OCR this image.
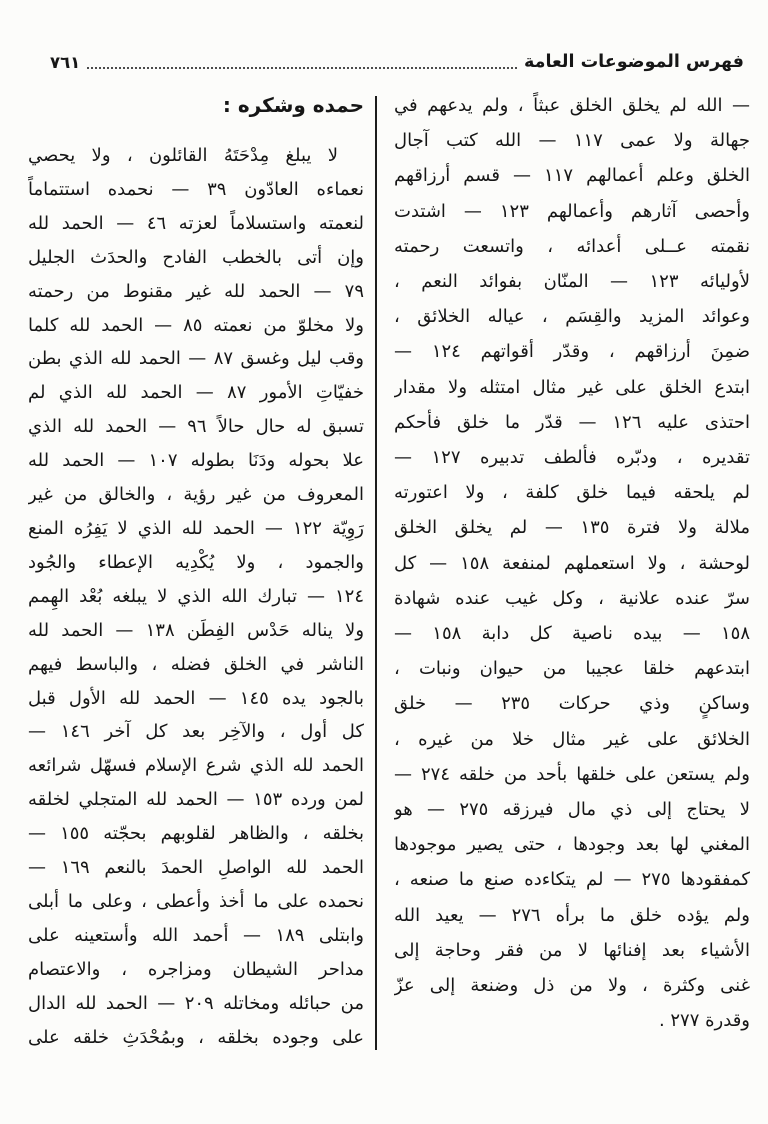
فهرس الموضوعات العامة
٧٦١
— الله لم يخلق الخلق عبثاً ، ولم يدعهم في
جهالة ولا عمى ١١٧ — الله كتب آجال
الخلق وعلم أعمالهم ١١٧ — قسم أرزاقهم
وأحصى آثارهم وأعمالهم ١٢٣ — اشتدت
نقمته عــلى أعدائه ، واتسعت رحمته
لأوليائه ١٢٣ — المنّان بفوائد النعم ،
وعوائد المزيد والقِسَم ، عياله الخلائق ،
ضمِنَ أرزاقهم ، وقدّر أقواتهم ١٢٤ —
ابتدع الخلق على غير مثال امتثله ولا مقدار
احتذى عليه ١٢٦ — قدّر ما خلق فأحكم
تقديره ، ودبّره فألطف تدبيره ١٢٧ —
لم يلحقه فيما خلق كلفة ، ولا اعتورته
ملالة ولا فترة ١٣٥ — لم يخلق الخلق
لوحشة ، ولا استعملهم لمنفعة ١٥٨ — كل
سرّ عنده علانية ، وكل غيب عنده شهادة
١٥٨ — بيده ناصية كل دابة ١٥٨ —
ابتدعهم خلقا عجيبا من حيوان ونبات ،
وساكنٍ وذي حركات ٢٣٥ — خلق
الخلائق على غير مثال خلا من غيره ،
ولم يستعن على خلقها بأحد من خلقه ٢٧٤ —
لا يحتاج إلى ذي مال فيرزقه ٢٧٥ — هو
المغني لها بعد وجودها ، حتى يصير موجودها
كمفقودها ٢٧٥ — لم يتكاءده صنع ما صنعه ،
ولم يؤده خلق ما برأه ٢٧٦ — يعيد الله
الأشياء بعد إفنائها لا من فقر وحاجة إلى
غنى وكثرة ، ولا من ذل وضنعة إلى عزّ
وقدرة ٢٧٧ .
حمده وشكره :
لا يبلغ مِدْحَتَهُ القائلون ، ولا يحصي
نعماءه العادّون ٣٩ — نحمده استتماماً
لنعمته واستسلاماً لعزته ٤٦ — الحمد لله
وإن أتى بالخطب الفادح والحدَث الجليل
٧٩ — الحمد لله غير مقنوط من رحمته
ولا مخلوّ من نعمته ٨٥ — الحمد لله كلما
وقب ليل وغسق ٨٧ — الحمد لله الذي بطن
خفيّاتِ الأمور ٨٧ — الحمد لله الذي لم
تسبق له حال حالاً ٩٦ — الحمد لله الذي
علا بحوله ودَنَا بطوله ١٠٧ — الحمد لله
المعروف من غير رؤية ، والخالق من غير
رَوِيّة ١٢٢ — الحمد لله الذي لا يَفِرُه المنع
والجمود ، ولا يُكْدِيه الإعطاء والجُود
١٢٤ — تبارك الله الذي لا يبلغه بُعْد الهِمم
ولا يناله حَدْس الفِطَن ١٣٨ — الحمد لله
الناشر في الخلق فضله ، والباسط فيهم
بالجود يده ١٤٥ — الحمد لله الأول قبل
كل أول ، والآخِر بعد كل آخر ١٤٦ —
الحمد لله الذي شرع الإسلام فسهّل شرائعه
لمن ورده ١٥٣ — الحمد لله المتجلي لخلقه
بخلقه ، والظاهر لقلوبهم بحجّته ١٥٥ —
الحمد لله الواصلِ الحمدَ بالنعم ١٦٩ —
نحمده على ما أخذ وأعطى ، وعلى ما أبلى
وابتلى ١٨٩ — أحمد الله وأستعينه على
مداحر الشيطان ومزاجره ، والاعتصام
من حبائله ومخاتله ٢٠٩ — الحمد لله الدال
على وجوده بخلقه ، وبمُحْدَثِ خلقه على
